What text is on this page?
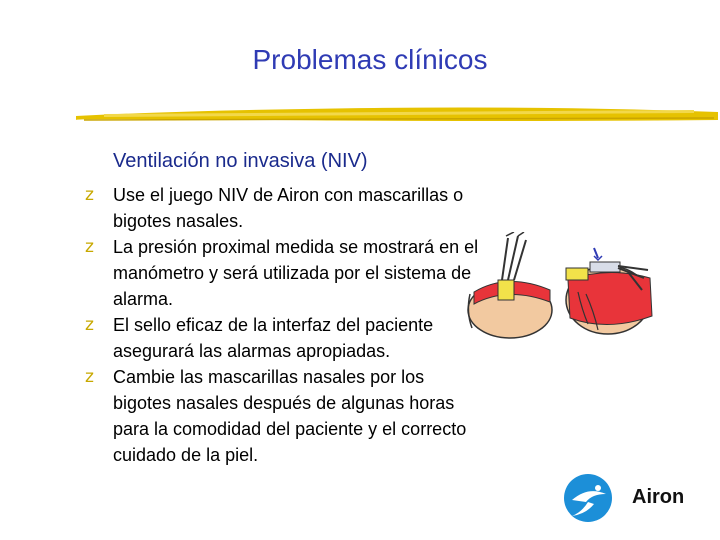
Problemas clínicos
Ventilación no invasiva (NIV)
z Use el juego NIV de Airon con mascarillas o bigotes nasales.
z La presión proximal medida se mostrará en el manómetro y será utilizada por el sistema de alarma.
z El sello eficaz de la interfaz del paciente asegurará las alarmas apropiadas.
z Cambie las mascarillas nasales por los bigotes nasales después de algunas horas para la comodidad del paciente y el correcto cuidado de la piel.
Airon
